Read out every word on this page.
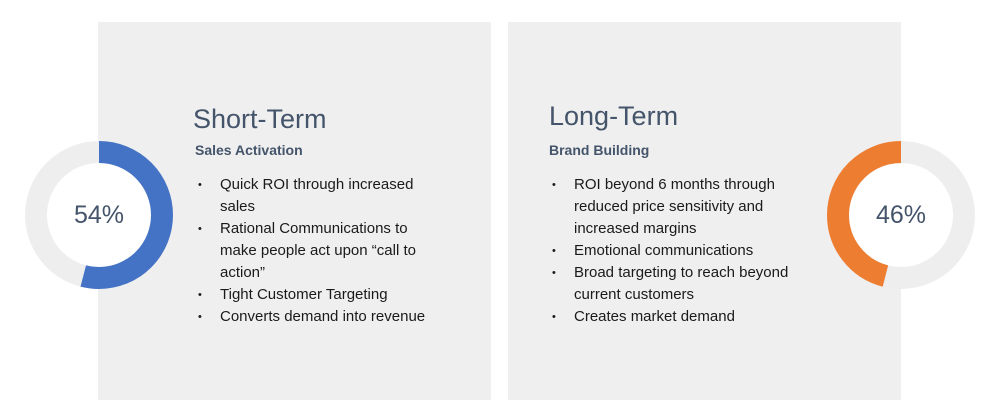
Short-Term
Sales Activation
• Quick ROI through increased sales
• Rational Communications to make people act upon “call to action”
• Tight Customer Targeting
• Converts demand into revenue
Long-Term
Brand Building
• ROI beyond 6 months through reduced price sensitivity and increased margins
• Emotional communications
• Broad targeting to reach beyond current customers
• Creates market demand
54%	46%
